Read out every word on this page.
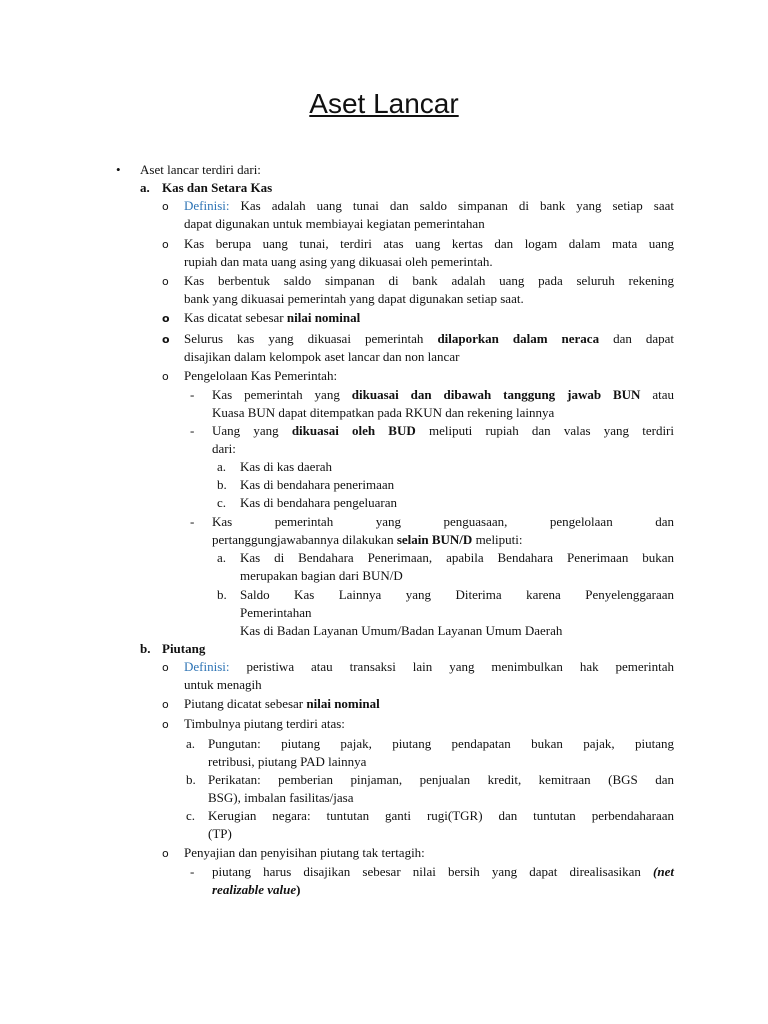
Aset Lancar
• Aset lancar terdiri dari:
a. Kas dan Setara Kas
o Definisi: Kas adalah uang tunai dan saldo simpanan di bank yang setiap saat
dapat digunakan untuk membiayai kegiatan pemerintahan
o Kas berupa uang tunai, terdiri atas uang kertas dan logam dalam mata uang
rupiah dan mata uang asing yang dikuasai oleh pemerintah.
o Kas berbentuk saldo simpanan di bank adalah uang pada seluruh rekening
bank yang dikuasai pemerintah yang dapat digunakan setiap saat.
o Kas dicatat sebesar nilai nominal
o Selurus kas yang dikuasai pemerintah dilaporkan dalam neraca dan dapat
disajikan dalam kelompok aset lancar dan non lancar
o Pengelolaan Kas Pemerintah:
- Kas pemerintah yang dikuasai dan dibawah tanggung jawab BUN atau
Kuasa BUN dapat ditempatkan pada RKUN dan rekening lainnya
- Uang yang dikuasai oleh BUD meliputi rupiah dan valas yang terdiri
dari:
a. Kas di kas daerah
b. Kas di bendahara penerimaan
c. Kas di bendahara pengeluaran
- Kas pemerintah yang penguasaan, pengelolaan dan
pertanggungjawabannya dilakukan selain BUN/D meliputi:
a. Kas di Bendahara Penerimaan, apabila Bendahara Penerimaan bukan
merupakan bagian dari BUN/D
b. Saldo Kas Lainnya yang Diterima karena Penyelenggaraan
Pemerintahan
Kas di Badan Layanan Umum/Badan Layanan Umum Daerah
b. Piutang
o Definisi: peristiwa atau transaksi lain yang menimbulkan hak pemerintah
untuk menagih
o Piutang dicatat sebesar nilai nominal
o Timbulnya piutang terdiri atas:
a. Pungutan: piutang pajak, piutang pendapatan bukan pajak, piutang
retribusi, piutang PAD lainnya
b. Perikatan: pemberian pinjaman, penjualan kredit, kemitraan (BGS dan
BSG), imbalan fasilitas/jasa
c. Kerugian negara: tuntutan ganti rugi(TGR) dan tuntutan perbendaharaan
(TP)
o Penyajian dan penyisihan piutang tak tertagih:
- piutang harus disajikan sebesar nilai bersih yang dapat direalisasikan (net
realizable value)
